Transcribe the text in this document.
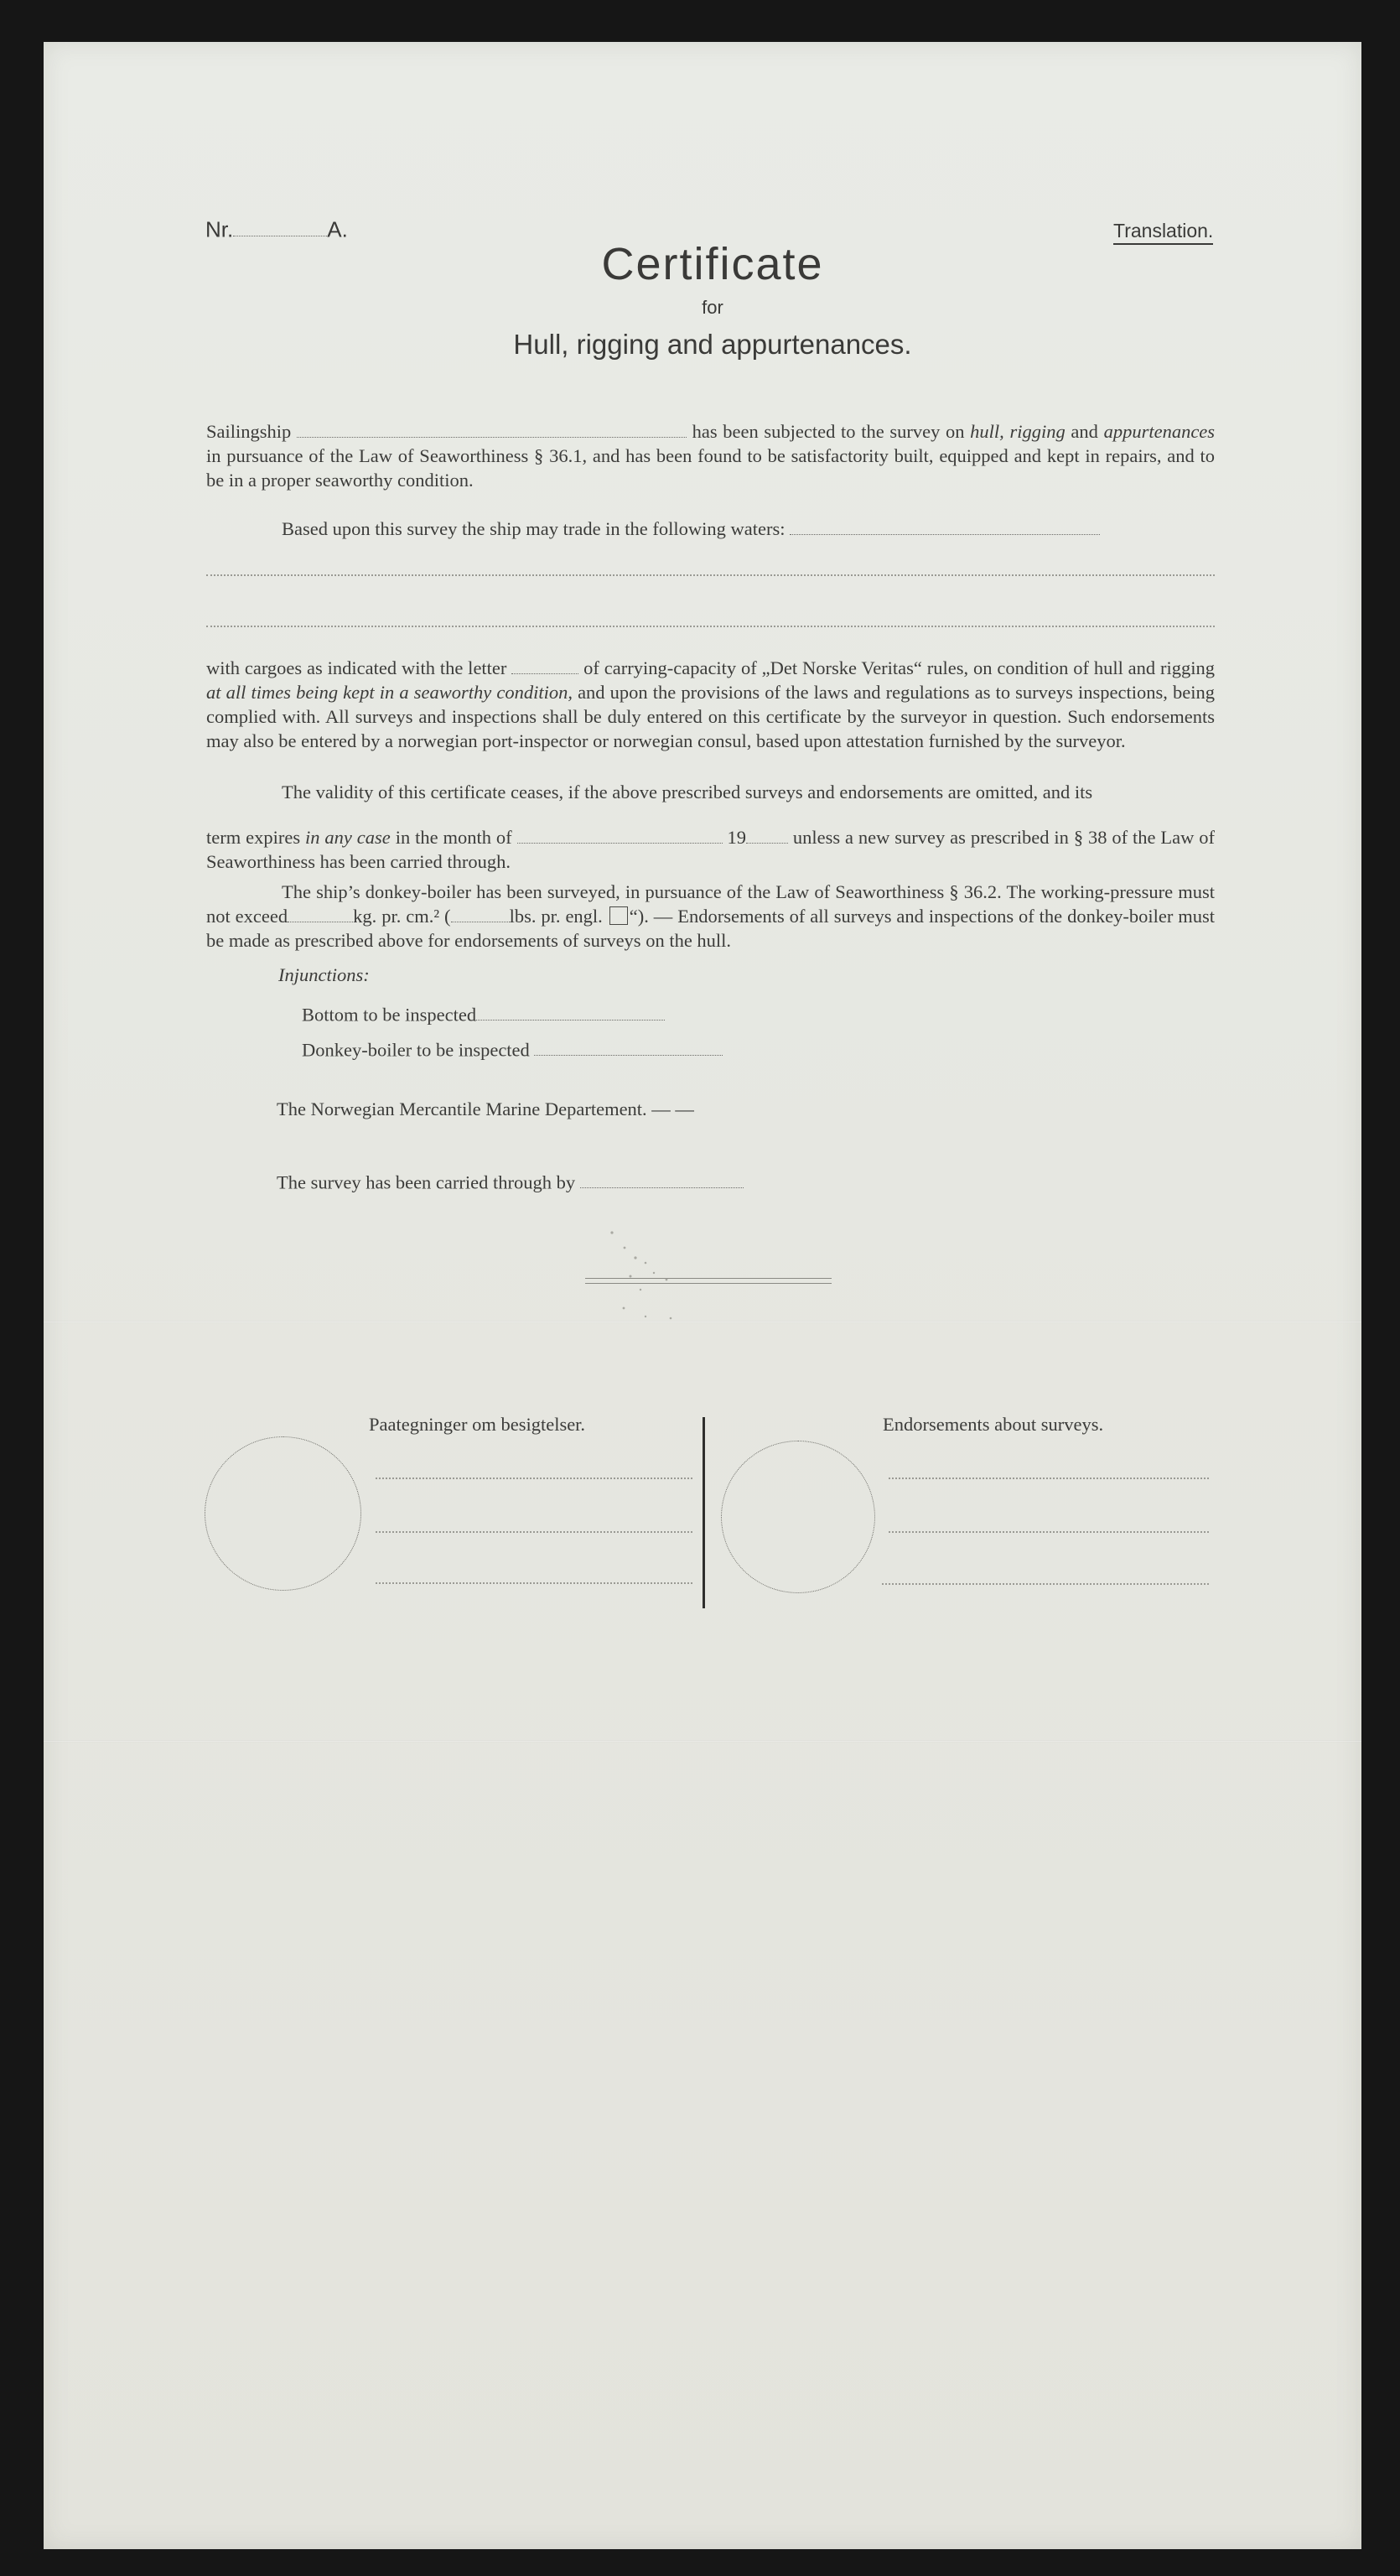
Nr.	A.	Translation.
Certificate
for
Hull, rigging and appurtenances.

Sailingship	has been subjected to the survey on hull, rigging and appurtenances in pursuance of the Law of Seaworthiness § 36.1, and has been found to be satisfactority built, equipped and kept in repairs, and to be in a proper seaworthy condition.

Based upon this survey the ship may trade in the following waters:

with cargoes as indicated with the letter	of carrying-capacity of „Det Norske Veritas“ rules, on condition of hull and rigging at all times being kept in a seaworthy condition, and upon the provisions of the laws and regulations as to surveys inspections, being complied with. All surveys and inspections shall be duly entered on this certificate by the surveyor in question. Such endorsements may also be entered by a norwegian port-inspector or norwegian consul, based upon attestation furnished by the surveyor.

The validity of this certificate ceases, if the above prescribed surveys and endorsements are omitted, and its

term expires in any case in the month of	19 unless a new survey as prescribed in § 38 of the Law of Seaworthiness has been carried through.

The ship’s donkey-boiler has been surveyed, in pursuance of the Law of Seaworthiness § 36.2. The working-pressure must not exceed	kg. pr. cm.² (	lbs. pr. engl. “). — Endorsements of all surveys and inspections of the donkey-boiler must be made as prescribed above for endorsements of surveys on the hull.

Injunctions:
Bottom to be inspected
Donkey-boiler to be inspected
The Norwegian Mercantile Marine Departement. — —
The survey has been carried through by
Paategninger om besigtelser.	Endorsements about surveys.
